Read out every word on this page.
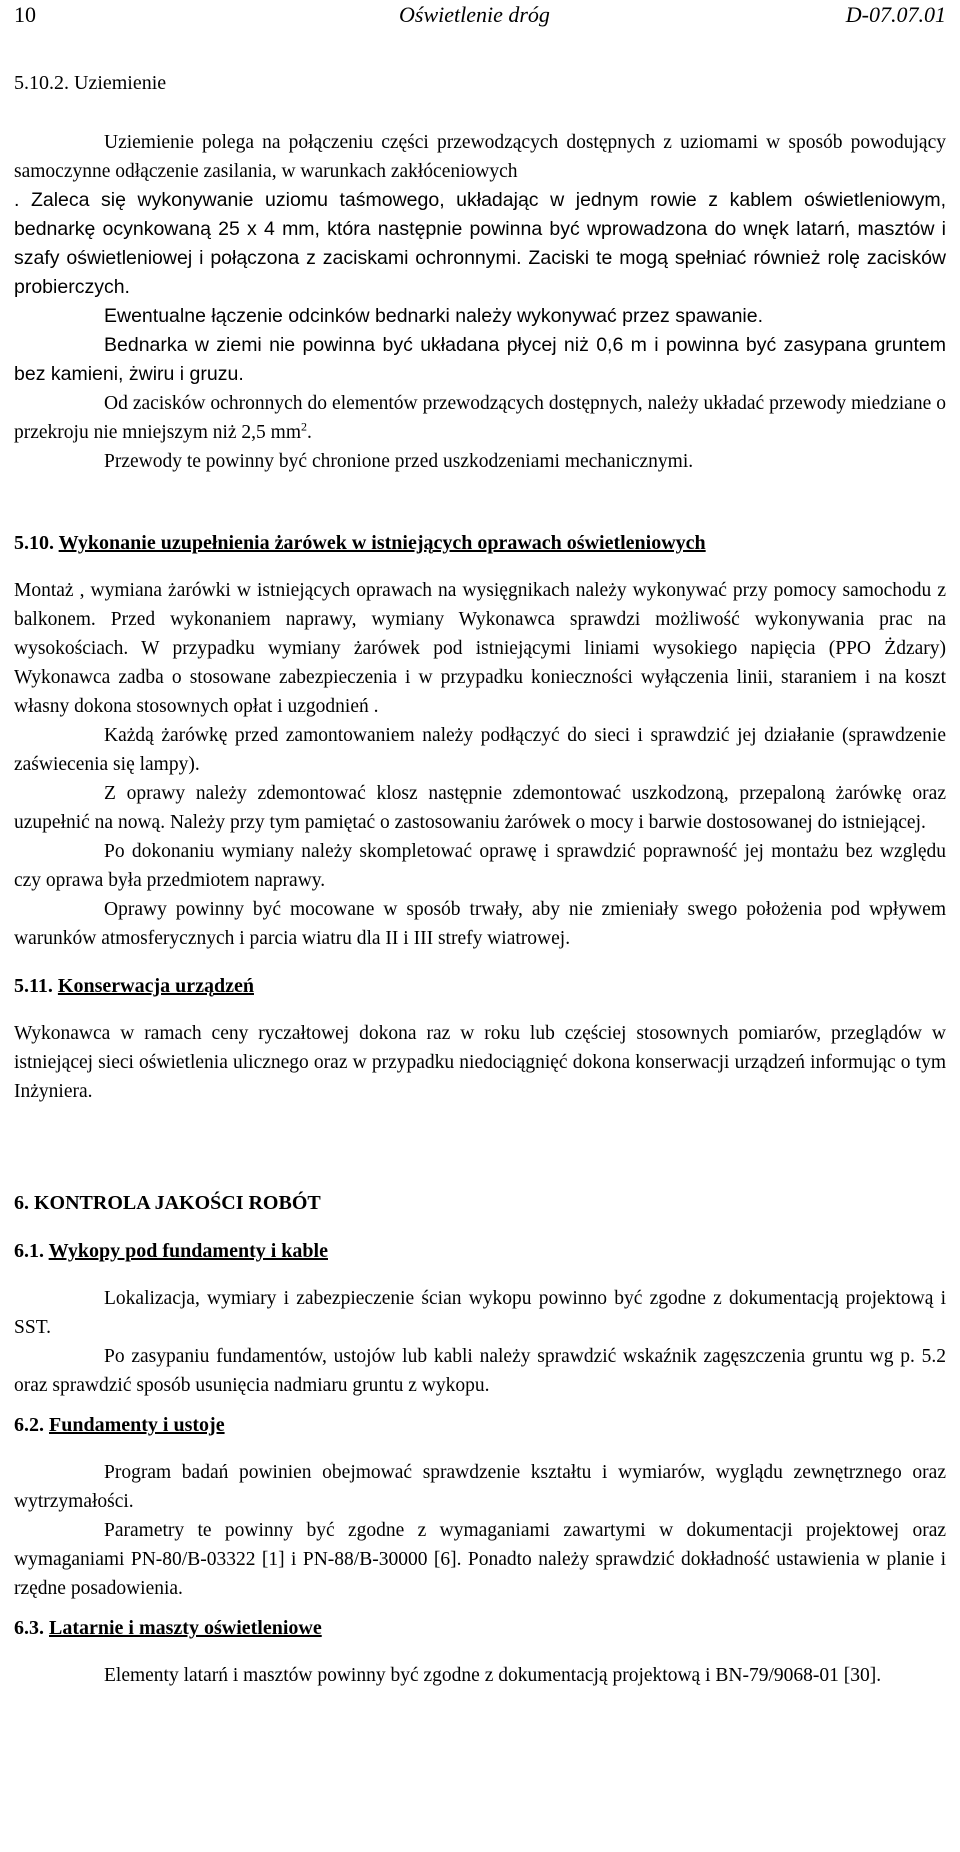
10	Oświetlenie dróg	D-07.07.01

5.10.2. Uziemienie

Uziemienie polega na połączeniu części przewodzących dostępnych z uziomami w sposób powodujący samoczynne odłączenie zasilania, w warunkach zakłóceniowych
. Zaleca się wykonywanie uziomu taśmowego, układając w jednym rowie z kablem oświetleniowym, bednarkę ocynkowaną 25 x 4 mm, która następnie powinna być wprowadzona do wnęk latarń, masztów i szafy oświetleniowej i połączona z zaciskami ochronnymi. Zaciski te mogą spełniać również rolę zacisków probierczych.

Ewentualne łączenie odcinków bednarki należy wykonywać przez spawanie.

Bednarka w ziemi nie powinna być układana płycej niż 0,6 m i powinna być zasypana gruntem bez kamieni, żwiru i gruzu.

Od zacisków ochronnych do elementów przewodzących dostępnych, należy układać przewody miedziane o przekroju nie mniejszym niż 2,5 $mm^2$.

Przewody te powinny być chronione przed uszkodzeniami mechanicznymi.

5.10. Wykonanie uzupełnienia żarówek w istniejących oprawach oświetleniowych

Montaż , wymiana żarówki w istniejących oprawach na wysięgnikach należy wykonywać przy pomocy samochodu z balkonem. Przed wykonaniem naprawy, wymiany Wykonawca sprawdzi możliwość wykonywania prac na wysokościach. W przypadku wymiany żarówek pod istniejącymi liniami wysokiego napięcia (PPO Żdzary) Wykonawca zadba o stosowane zabezpieczenia i w przypadku konieczności wyłączenia linii, staraniem i na koszt własny dokona stosownych opłat i uzgodnień .

Każdą żarówkę przed zamontowaniem należy podłączyć do sieci i sprawdzić jej działanie (sprawdzenie zaświecenia się lampy).

Z oprawy należy zdemontować klosz następnie zdemontować uszkodzoną, przepaloną żarówkę oraz uzupełnić na nową. Należy przy tym pamiętać o zastosowaniu żarówek o mocy i barwie dostosowanej do istniejącej.

Po dokonaniu wymiany należy skompletować oprawę i sprawdzić poprawność jej montażu bez względu czy oprawa była przedmiotem naprawy.

Oprawy powinny być mocowane w sposób trwały, aby nie zmieniały swego położenia pod wpływem warunków atmosferycznych i parcia wiatru dla II i III strefy wiatrowej.

5.11. Konserwacja urządzeń

Wykonawca w ramach ceny ryczałtowej dokona raz w roku lub częściej stosownych pomiarów, przeglądów w istniejącej sieci oświetlenia ulicznego oraz w przypadku niedociągnięć dokona konserwacji urządzeń informując o tym Inżyniera.

6. KONTROLA JAKOŚCI ROBÓT

6.1. Wykopy pod fundamenty i kable

Lokalizacja, wymiary i zabezpieczenie ścian wykopu powinno być zgodne z dokumentacją projektową i SST.

Po zasypaniu fundamentów, ustojów lub kabli należy sprawdzić wskaźnik zagęszczenia gruntu wg p. 5.2 oraz sprawdzić sposób usunięcia nadmiaru gruntu z wykopu.

6.2. Fundamenty i ustoje

Program badań powinien obejmować sprawdzenie kształtu i wymiarów, wyglądu zewnętrznego oraz wytrzymałości.

Parametry te powinny być zgodne z wymaganiami zawartymi w dokumentacji projektowej oraz wymaganiami PN-80/B-03322 [1] i PN-88/B-30000 [6]. Ponadto należy sprawdzić dokładność ustawienia w planie i rzędne posadowienia.

6.3. Latarnie i maszty oświetleniowe

Elementy latarń i masztów powinny być zgodne z dokumentacją projektową i BN-79/9068-01 [30].
